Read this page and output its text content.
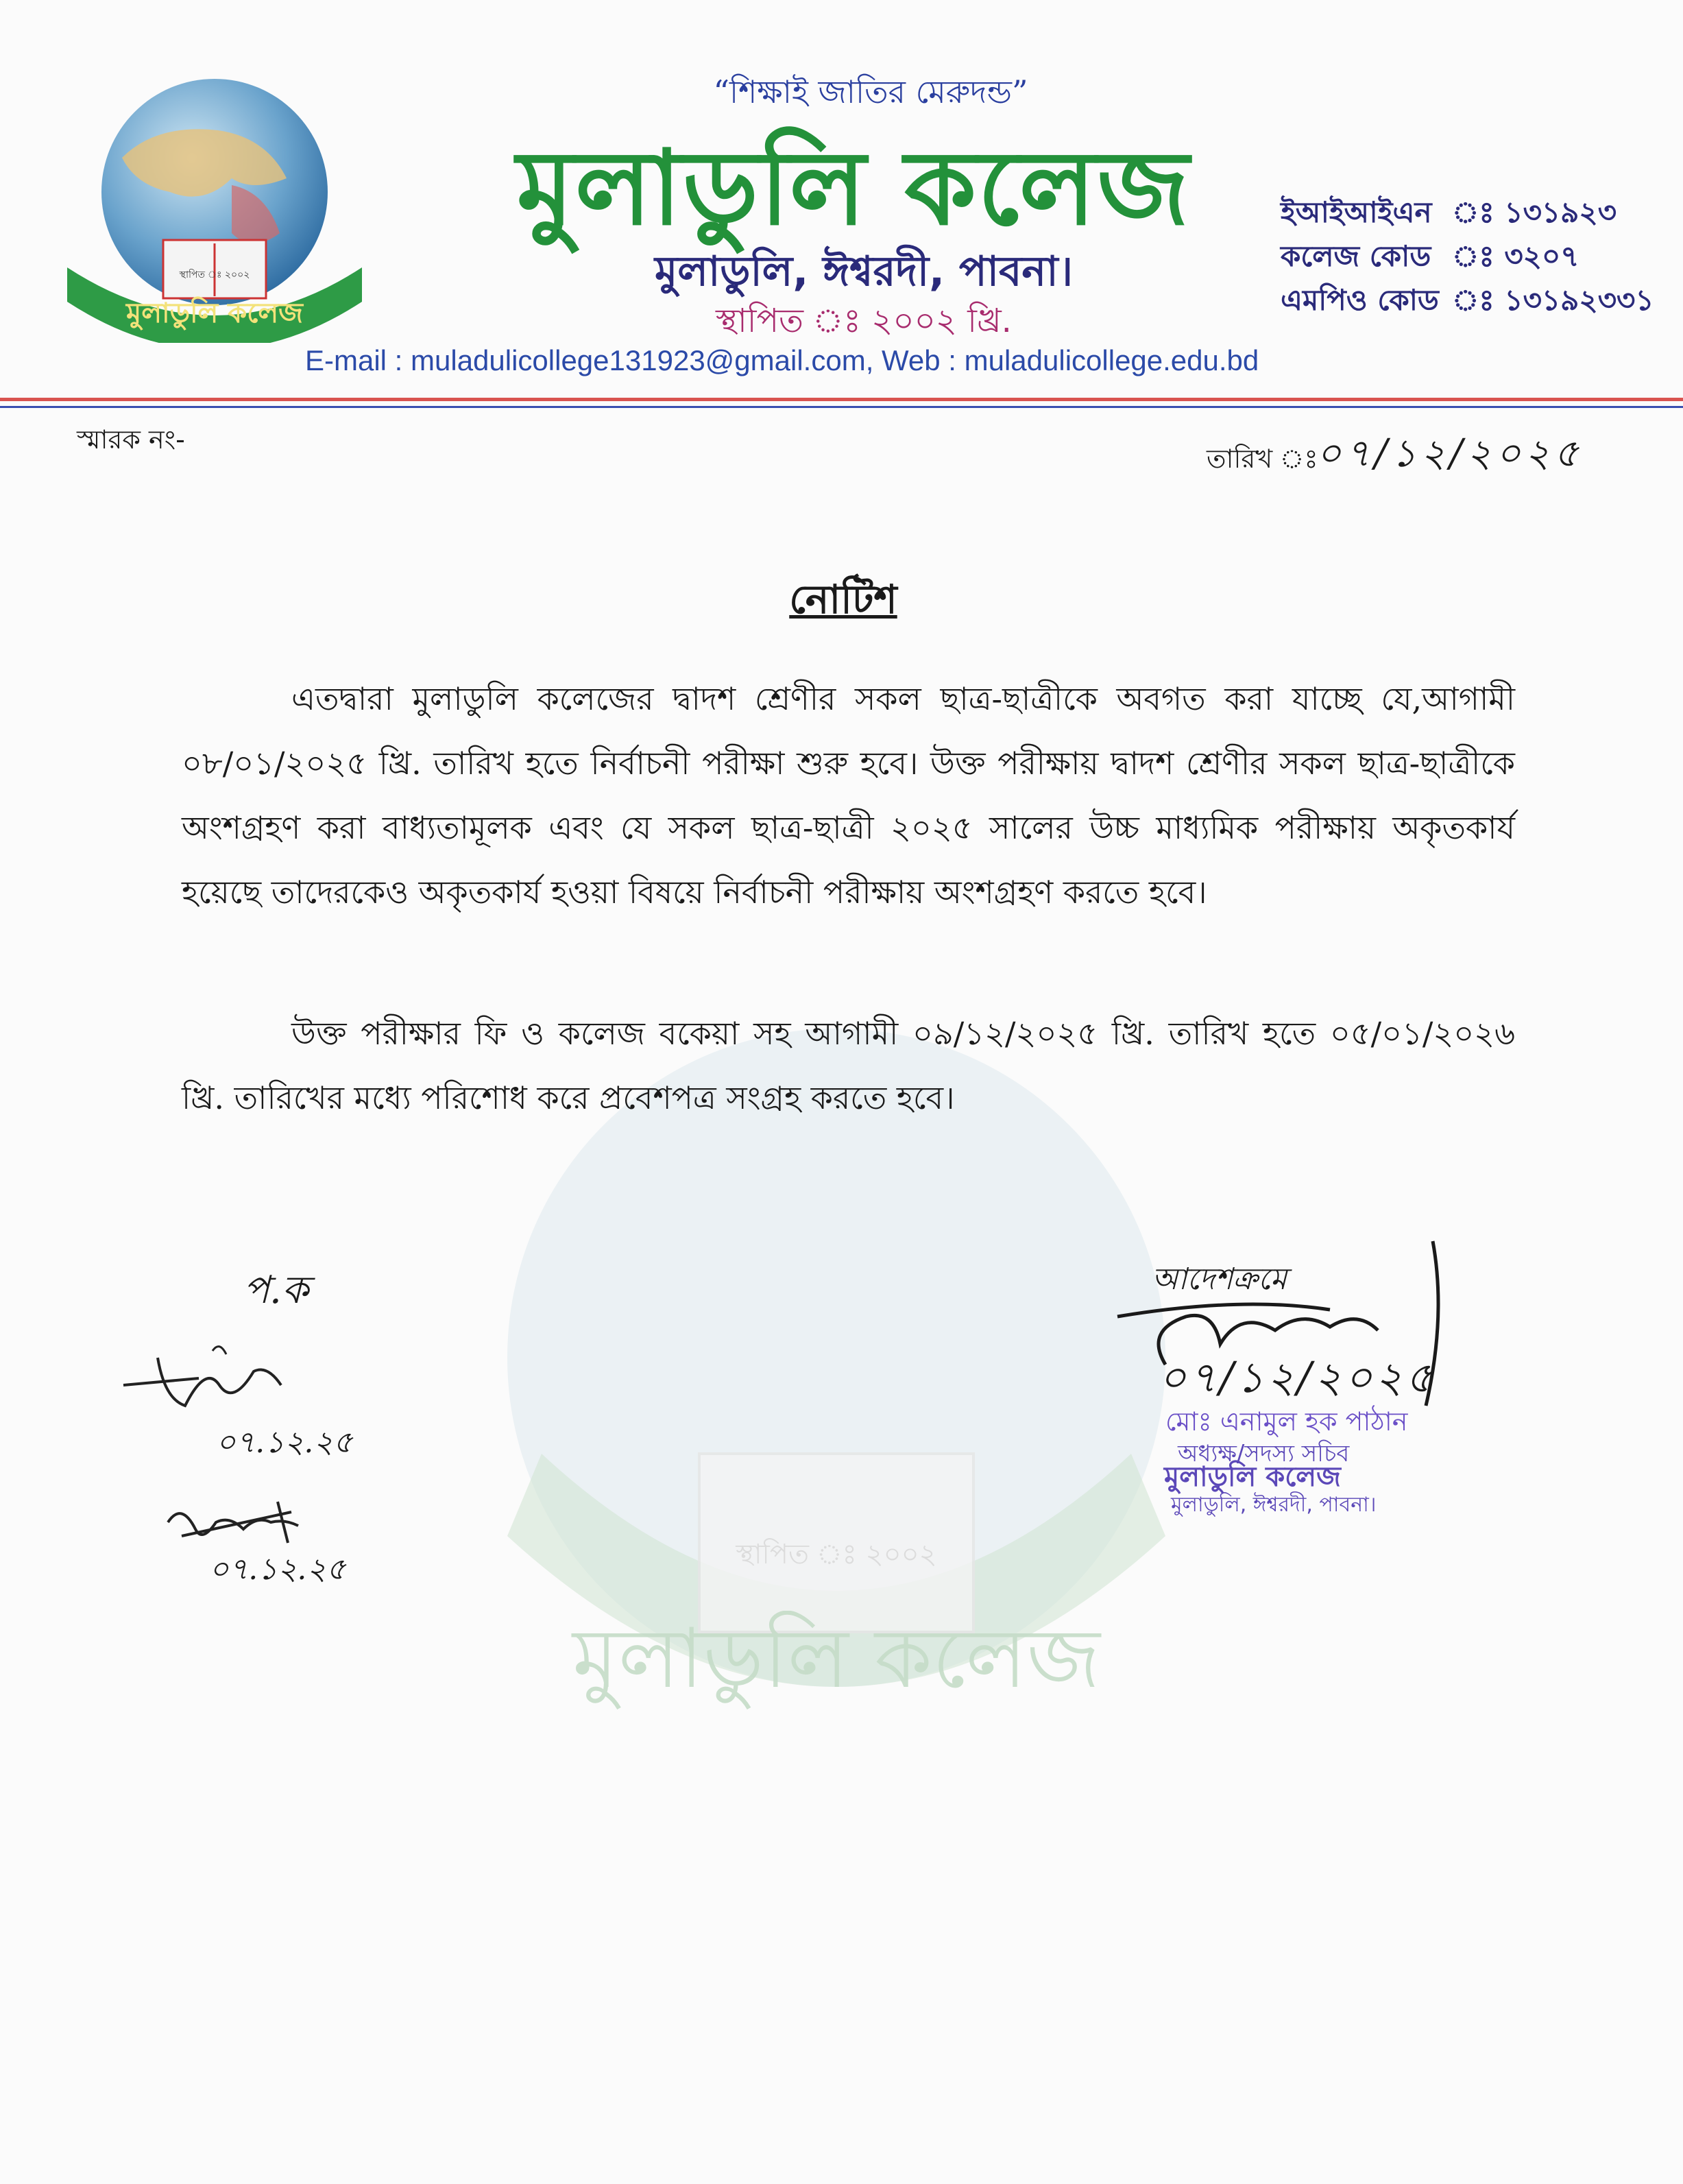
স্থাপিত ঃ ২০০২
মুলাডুলি কলেজ
স্থাপিত ঃ ২০০২
মুলাডুলি কলেজ
“শিক্ষাই জাতির মেরুদন্ড”
মুলাডুলি কলেজ
মুলাডুলি, ঈশ্বরদী, পাবনা।
স্থাপিত ঃ ২০০২ খ্রি.
E-mail : muladulicollege131923@gmail.com, Web : muladulicollege.edu.bd
ইআইআইএন ঃ ১৩১৯২৩
কলেজ কোড ঃ ৩২০৭
এমপিও কোড ঃ ১৩১৯২৩৩১
স্মারক নং-
তারিখ ঃ
০৭/১২/২০২৫
নোটিশ
এতদ্বারা মুলাডুলি কলেজের দ্বাদশ শ্রেণীর সকল ছাত্র-ছাত্রীকে অবগত করা যাচ্ছে যে,আগামী ০৮/০১/২০২৫ খ্রি. তারিখ হতে নির্বাচনী পরীক্ষা শুরু হবে। উক্ত পরীক্ষায় দ্বাদশ শ্রেণীর সকল ছাত্র-ছাত্রীকে অংশগ্রহণ করা বাধ্যতামূলক এবং যে সকল ছাত্র-ছাত্রী ২০২৫ সালের উচ্চ মাধ্যমিক পরীক্ষায় অকৃতকার্য হয়েছে তাদেরকেও অকৃতকার্য হওয়া বিষয়ে নির্বাচনী পরীক্ষায় অংশগ্রহণ করতে হবে।
উক্ত পরীক্ষার ফি ও কলেজ বকেয়া সহ আগামী ০৯/১২/২০২৫ খ্রি. তারিখ হতে ০৫/০১/২০২৬ খ্রি. তারিখের মধ্যে পরিশোধ করে প্রবেশপত্র সংগ্রহ করতে হবে।
প.ক
০৭.১২.২৫
০৭.১২.২৫
আদেশক্রমে
০৭/১২/২০২৫
মোঃ এনামুল হক পাঠান
অধ্যক্ষ/সদস্য সচিব
মুলাডুলি কলেজ
মুলাডুলি, ঈশ্বরদী, পাবনা।
